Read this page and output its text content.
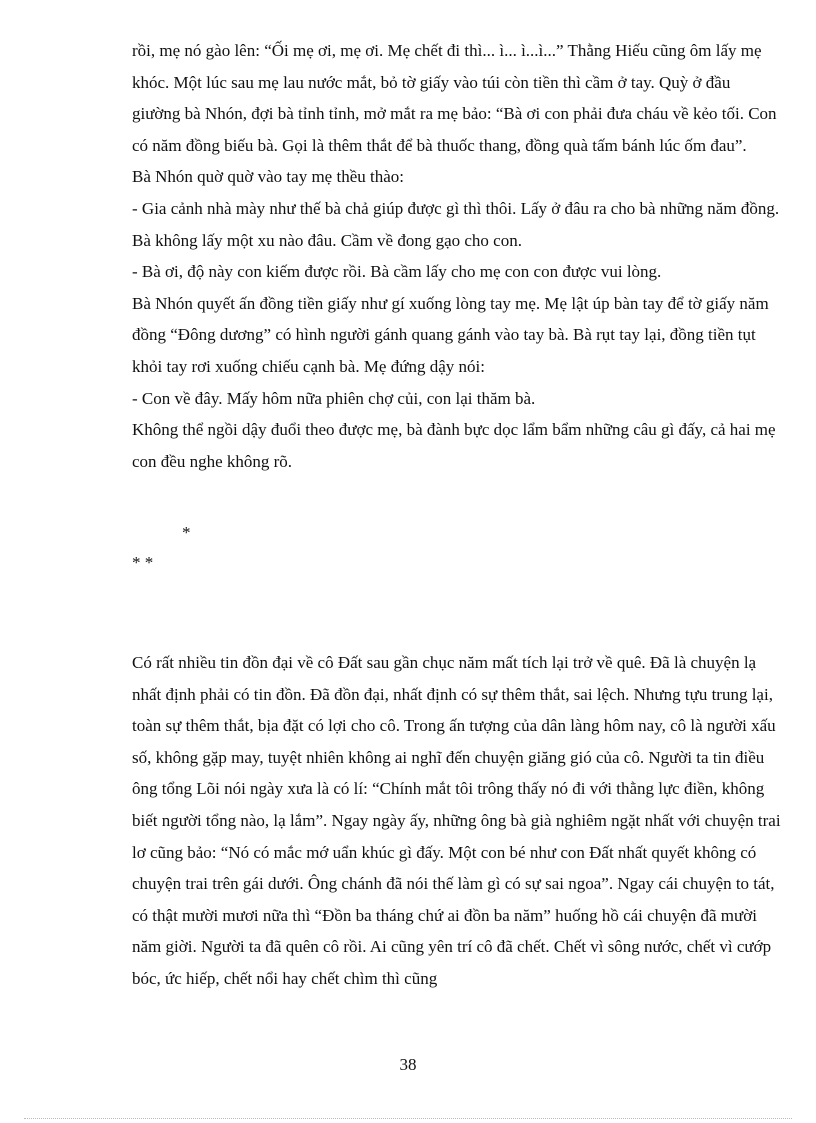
rồi, mẹ nó gào lên: “Ối mẹ ơi, mẹ ơi. Mẹ chết đi thì... ì... ì...ì...” Thằng Hiếu cũng ôm lấy mẹ khóc. Một lúc sau mẹ lau nước mắt, bỏ tờ giấy vào túi còn tiền thì cầm ở tay. Quỳ ở đầu giường bà Nhón, đợi bà tỉnh tỉnh, mở mắt ra mẹ bảo: “Bà ơi con phải đưa cháu về kẻo tối. Con có năm đồng biếu bà. Gọi là thêm thắt để bà thuốc thang, đồng quà tấm bánh lúc ốm đau”.

Bà Nhón quờ quờ vào tay mẹ thều thào:

- Gia cảnh nhà mày như thế bà chả giúp được gì thì thôi. Lấy ở đâu ra cho bà những năm đồng. Bà không lấy một xu nào đâu. Cầm về đong gạo cho con.

- Bà ơi, độ này con kiếm được rồi. Bà cầm lấy cho mẹ con con được vui lòng.

Bà Nhón quyết ấn đồng tiền giấy như gí xuống lòng tay mẹ. Mẹ lật úp bàn tay để tờ giấy năm đồng “Đông dương” có hình người gánh quang gánh vào tay bà. Bà rụt tay lại, đồng tiền tụt khỏi tay rơi xuống chiếu cạnh bà. Mẹ đứng dậy nói:

- Con về đây. Mấy hôm nữa phiên chợ củi, con lại thăm bà.

Không thể ngồi dậy đuổi theo được mẹ, bà đành bực dọc lẩm bẩm những câu gì đấy, cả hai mẹ con đều nghe không rõ.

*
* *

Có rất nhiều tin đồn đại về cô Đất sau gần chục năm mất tích lại trở về quê. Đã là chuyện lạ nhất định phải có tin đồn. Đã đồn đại, nhất định có sự thêm thắt, sai lệch. Nhưng tựu trung lại, toàn sự thêm thắt, bịa đặt có lợi cho cô. Trong ấn tượng của dân làng hôm nay, cô là người xấu số, không gặp may, tuyệt nhiên không ai nghĩ đến chuyện giăng gió của cô. Người ta tin điều ông tổng Lõi nói ngày xưa là có lí: “Chính mắt tôi trông thấy nó đi với thằng lực điền, không biết người tổng nào, lạ lắm”. Ngay ngày ấy, những ông bà già nghiêm ngặt nhất với chuyện trai lơ cũng bảo: “Nó có mắc mớ uẩn khúc gì đấy. Một con bé như con Đất nhất quyết không có chuyện trai trên gái dưới. Ông chánh đã nói thế làm gì có sự sai ngoa”. Ngay cái chuyện to tát, có thật mười mươi nữa thì “Đồn ba tháng chứ ai đồn ba năm” huống hồ cái chuyện đã mười năm giời. Người ta đã quên cô rồi. Ai cũng yên trí cô đã chết. Chết vì sông nước, chết vì cướp bóc, ức hiếp, chết nổi hay chết chìm thì cũng

38
